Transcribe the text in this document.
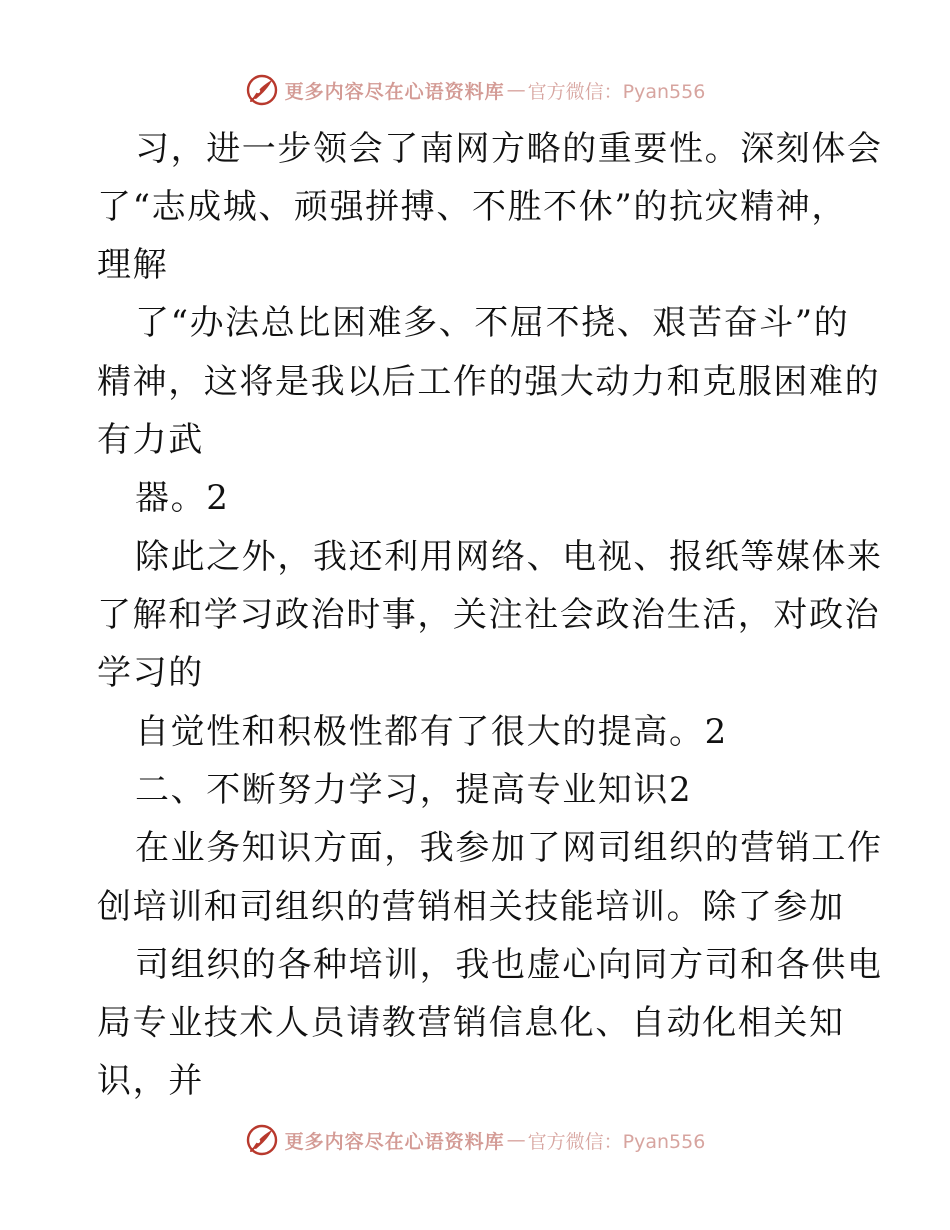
更多内容尽在心语资料库 — 官方微信：Pyan556
习，进一步领会了南网方略的重要性。深刻体会
了“志成城、顽强拼搏、不胜不休”的抗灾精神，
理解
了“办法总比困难多、不屈不挠、艰苦奋斗”的
精神，这将是我以后工作的强大动力和克服困难的
有力武
器。2
除此之外，我还利用网络、电视、报纸等媒体来
了解和学习政治时事，关注社会政治生活，对政治
学习的
自觉性和积极性都有了很大的提高。2
二、不断努力学习，提高专业知识2
在业务知识方面，我参加了网司组织的营销工作
创培训和司组织的营销相关技能培训。除了参加
司组织的各种培训，我也虚心向同方司和各供电
局专业技术人员请教营销信息化、自动化相关知
识，并
更多内容尽在心语资料库 — 官方微信：Pyan556
